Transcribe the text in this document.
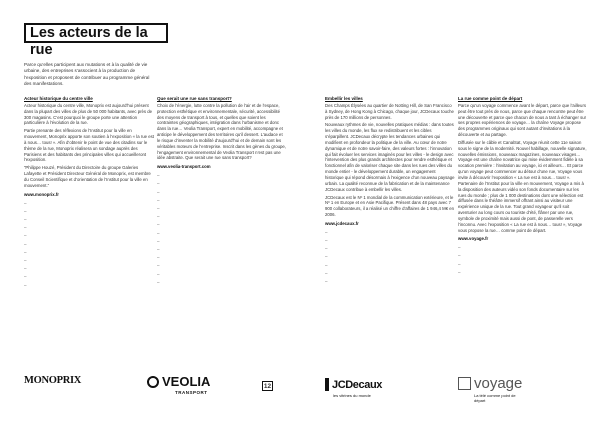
Les acteurs de la rue

Parce qu’elles participent aux mutations et à la qualité de vie urbaine, des entreprises s’associent à la production de l’exposition et proposent de contribuer au programme général des manifestations.

Acteur historique du centre ville

Acteur historique du centre ville, Monoprix est aujourd’hui présent dans la plupart des villes de plus de 50 000 habitants, avec près de 300 magasins. C’est pourquoi le groupe porte une attention particulière à l’évolution de la rue.

Partie prenante des réflexions de l’Institut pour la ville en mouvement, Monoprix apporte son soutien à l’exposition « la rue est à nous… tous! ». Afin d’obtenir le point de vue des citadins sur le thème de la rue, Monoprix réalisera un sondage auprès des Parisiens et des habitants des principales villes qui accueilleront l’exposition.

“Philippe Houzé, Président du Directoire du groupe Galeries Lafayette et Président Directeur Général de Monoprix, est membre du Conseil Scientifique et d’orientation de l’Institut pour la ville en mouvement.”

www.monoprix.fr

–
–
–
–
–
–
–
–
–
–
–

Que serait une rue sans transport?

Choix de l’énergie, lutte contre la pollution de l’air et de l’espace, protection esthétique et environnementale, sécurité, accessibilité des moyens de transport à tous, et quelles que soient les contraintes géographiques, intégration dans l’urbanisme et donc dans la rue… Veolia Transport, expert en mobilité, accompagne et anticipe le développement des territoires qu’il dessert. L’audace et le risque d’inventer la mobilité d’aujourd’hui et de demain sont les véritables moteurs de l’entreprise. Inscrit dans les gènes du groupe, l’engagement environnemental de Veolia Transport n’est pas une idée abstraite. Que serait une rue sans transport?

www.veolia-transport.com

–
–
–
–
–
–
–
–
–
–
–
–
–
–

Embellir les villes

Des Champs Élysées au quartier de Notting Hill, de San Francisco à Sydney, de Hong Kong à Chicago, chaque jour, JCDecaux touche près de 170 millions de personnes.

Nouveaux rythmes de vie, nouvelles pratiques médias : dans toutes les villes du monde, les flux se redistribuent et les cibles s’éparpillent. JCDecaux décrypte les tendances urbaines qui modifient en profondeur la politique de la ville. Au cœur de notre dynamique et de notre savoir-faire, des valeurs fortes : l’innovation qui fait évoluer les services imaginés pour les villes - le design avec l’intervention des plus grands architectes pour rendre esthétique et fonctionnel afin de valoriser chaque site dans les rues des villes du monde entier - le développement durable, un engagement historique qui répond désormais à l’exigence d’un nouveau paysage urbain. La qualité reconnue de la fabrication et de la maintenance JCDecaux contribue à embellir les villes.

JCDecaux est le Nº 1 mondial de la communication extérieure, et le Nº 1 en Europe et en Asie Pacifique. Présent dans 48 pays avec 7 900 collaborateurs, il a réalisé un chiffre d’affaires de 1 946,4 M€ en 2006.

www.jcdecaux.fr

–
–
–
–
–
–
–

La rue comme point de départ

Parce qu’un voyage commence avant le départ, parce que l’ailleurs peut être tout près de nous, parce que chaque rencontre peut être une découverte et parce que chacun de nous a tant à échanger sur ses propres expériences de voyage… la chaîne Voyage propose des programmes originaux qui sont autant d’invitations à la découverte et au partage.

Diffusée sur le câble et CanalSat, Voyage réunit cette 11e saison sous le signe de la modernité. Nouvel habillage, nouvelle signature, nouvelles émissions, nouveaux magazines, nouveaux visages… Voyage est une chaîne novatrice qui mise évidemment fidèle à sa vocation première : l’invitation au voyage, ici et ailleurs… Et parce qu’un voyage peut commencer au détour d’une rue, Voyage vous invite à découvrir l’exposition « La rue est à nous… tous! ». Partenaire de l’Institut pour la ville en mouvement, Voyage a mis à la disposition des auteurs vidéo son fonds documentaire sur les rues du monde ; plus de 1 000 destinations dont une sélection est diffusée dans le théâtre immersif offrant ainsi au visiteur une expérience unique de la rue. Tout grand voyageur qu’il soit aventurier au long cours ou touriste d’été, flâner par une rue, symbole de proximité mais aussi de pont, de passerelle vers l’inconnu. Avec l’exposition « La rue est à nous… tous! », Voyage vous propose la rue… comme point de départ.

www.voyage.fr

–
–
–
–
MONOPRIX	VEOLIA
TRANSPORT
12	JCDecaux
les vitrines du monde
voyage
La télé comme point de départ
